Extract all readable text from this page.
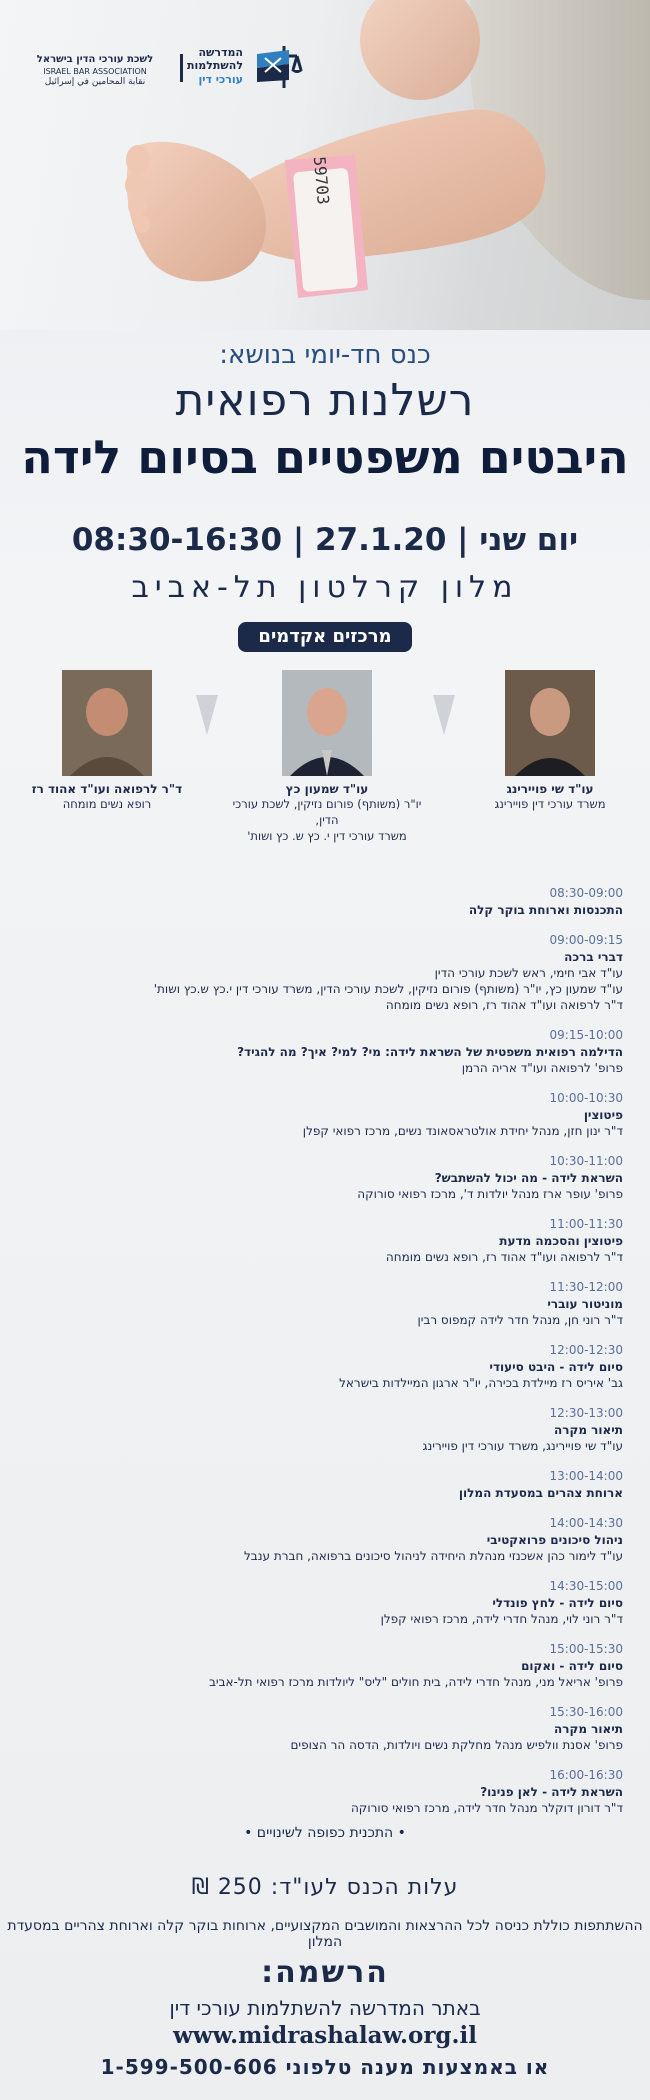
59703
לשכת עורכי הדין בישראל
ISRAEL BAR ASSOCIATION
نقابة المحامين في إسرائيل
המדרשה
להשתלמות
עורכי דין
כנס חד-יומי בנושא:
רשלנות רפואית
היבטים משפטיים בסיום לידה
יום שני | 27.1.20 | 08:30-16:30
מלון קרלטון תל-אביב
מרכזים אקדמים
עו"ד שי פויירינג
משרד עורכי דין פויירינג
עו"ד שמעון כץ
יו"ר (משותף) פורום נזיקין, לשכת עורכי הדין,
משרד עורכי דין י. כץ ש. כץ ושות'
ד"ר לרפואה ועו"ד אהוד רז
רופא נשים מומחה
08:30-09:00
התכנסות וארוחת בוקר קלה
09:00-09:15
דברי ברכה
עו"ד אבי חימי, ראש לשכת עורכי הדין
עו"ד שמעון כץ, יו"ר (משותף) פורום נזיקין, לשכת עורכי הדין, משרד עורכי דין י.כץ ש.כץ ושות'
ד"ר לרפואה ועו"ד אהוד רז, רופא נשים מומחה
09:15-10:00
הדילמה רפואית משפטית של השראת לידה: מי? למי? איך? מה להגיד?
פרופ' לרפואה ועו"ד אריה הרמן
10:00-10:30
פיטוצין
ד"ר ינון חזן, מנהל יחידת אולטראסאונד נשים, מרכז רפואי קפלן
10:30-11:00
השראת לידה - מה יכול להשתבש?
פרופ' עופר ארז מנהל יולדות ד', מרכז רפואי סורוקה
11:00-11:30
פיטוצין והסכמה מדעת
ד"ר לרפואה ועו"ד אהוד רז, רופא נשים מומחה
11:30-12:00
מוניטור עוברי
ד"ר רוני חן, מנהל חדר לידה קמפוס רבין
12:00-12:30
סיום לידה - היבט סיעודי
גב' איריס רז מיילדת בכירה, יו"ר ארגון המיילדות בישראל
12:30-13:00
תיאור מקרה
עו"ד שי פויירינג, משרד עורכי דין פויירינג
13:00-14:00
ארוחת צהרים במסעדת המלון
14:00-14:30
ניהול סיכונים פרואקטיבי
עו"ד לימור כהן אשכנזי מנהלת היחידה לניהול סיכונים ברפואה, חברת ענבל
14:30-15:00
סיום לידה - לחץ פונדלי
ד"ר רוני לוי, מנהל חדרי לידה, מרכז רפואי קפלן
15:00-15:30
סיום לידה - ואקום
פרופ' אריאל מני, מנהל חדרי לידה, בית חולים "ליס" ליולדות מרכז רפואי תל-אביב
15:30-16:00
תיאור מקרה
פרופ' אסנת וולפיש מנהל מחלקת נשים ויולדות, הדסה הר הצופים
16:00-16:30
השראת לידה - לאן פנינו?
ד"ר דורון דוקלר מנהל חדר לידה, מרכז רפואי סורוקה
• התכנית כפופה לשינויים •
עלות הכנס לעו"ד: 250 ₪
ההשתתפות כוללת כניסה לכל ההרצאות והמושבים המקצועיים, ארוחות בוקר קלה וארוחת צהריים במסעדת המלון
הרשמה:
באתר המדרשה להשתלמות עורכי דין
www.midrashalaw.org.il
או באמצעות מענה טלפוני 1-599-500-606
